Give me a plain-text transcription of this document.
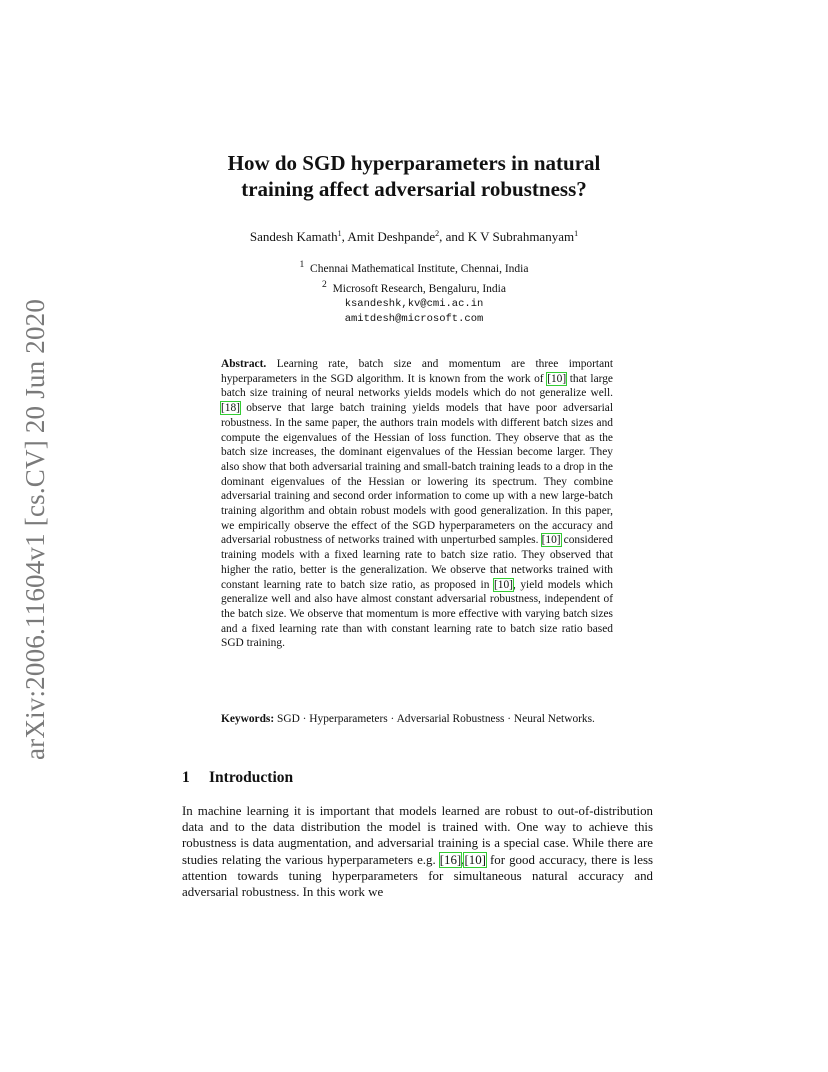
arXiv:2006.11604v1 [cs.CV] 20 Jun 2020
How do SGD hyperparameters in natural
training affect adversarial robustness?
Sandesh Kamath$^1$, Amit Deshpande$^2$, and K V Subrahmanyam$^1$
$^1$ Chennai Mathematical Institute, Chennai, India
$^2$ Microsoft Research, Bengaluru, India
ksandeshk,kv@cmi.ac.in
amitdesh@microsoft.com
Abstract. Learning rate, batch size and momentum are three important hyperparameters in the SGD algorithm. It is known from the work of [10] that large batch size training of neural networks yields models which do not generalize well. [18] observe that large batch training yields models that have poor adversarial robustness. In the same paper, the authors train models with different batch sizes and compute the eigenvalues of the Hessian of loss function. They observe that as the batch size increases, the dominant eigenvalues of the Hessian become larger. They also show that both adversarial training and small-batch training leads to a drop in the dominant eigenvalues of the Hessian or lowering its spectrum. They combine adversarial training and second order information to come up with a new large-batch training algorithm and obtain robust models with good generalization. In this paper, we empirically observe the effect of the SGD hyperparameters on the accuracy and adversarial robustness of networks trained with unperturbed samples. [10] considered training models with a fixed learning rate to batch size ratio. They observed that higher the ratio, better is the generalization. We observe that networks trained with constant learning rate to batch size ratio, as proposed in [10], yield models which generalize well and also have almost constant adversarial robustness, independent of the batch size. We observe that momentum is more effective with varying batch sizes and a fixed learning rate than with constant learning rate to batch size ratio based SGD training.
Keywords: SGD · Hyperparameters · Adversarial Robustness · Neural Networks.
1 Introduction
In machine learning it is important that models learned are robust to out-of-distribution data and to the data distribution the model is trained with. One way to achieve this robustness is data augmentation, and adversarial training is a special case. While there are studies relating the various hyperparameters e.g. [16],[10] for good accuracy, there is less attention towards tuning hyperparameters for simultaneous natural accuracy and adversarial robustness. In this work we
